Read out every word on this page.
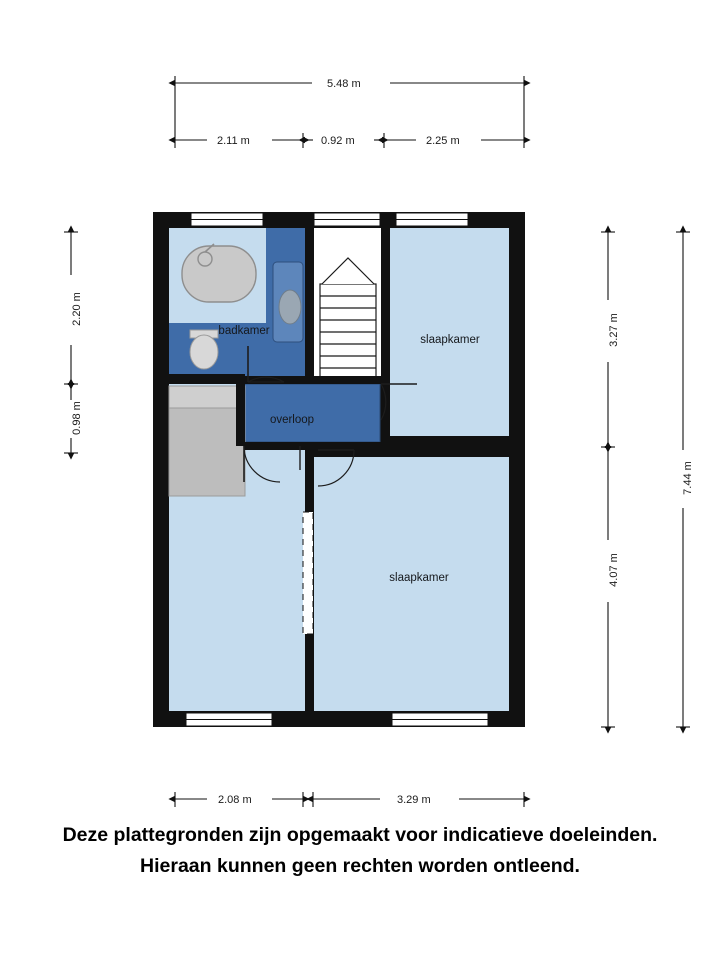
5.48 m
2.11 m	0.92 m	2.25 m
2.20 m
0.98 m
3.27 m
4.07 m
7.44 m
2.08 m	3.29 m
badkamer
slaapkamer
overloop
slaapkamer
Deze plattegronden zijn opgemaakt voor indicatieve doeleinden.
Hieraan kunnen geen rechten worden ontleend.
